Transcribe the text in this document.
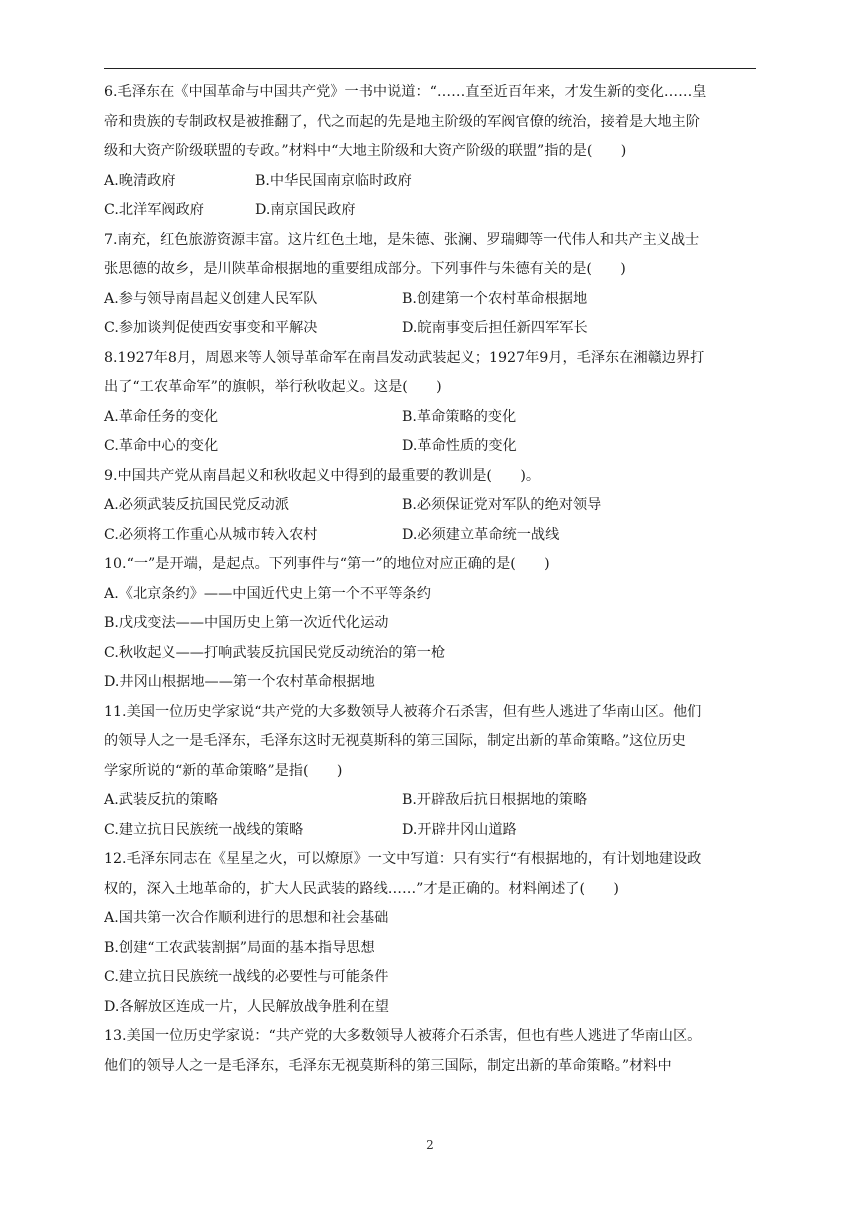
6.毛泽东在《中国革命与中国共产党》一书中说道：“……直至近百年来，才发生新的变化……皇
帝和贵族的专制政权是被推翻了，代之而起的先是地主阶级的军阀官僚的统治，接着是大地主阶
级和大资产阶级联盟的专政。”材料中“大地主阶级和大资产阶级的联盟”指的是(　　)
A.晚清政府	B.中华民国南京临时政府
C.北洋军阀政府	D.南京国民政府
7.南充，红色旅游资源丰富。这片红色土地，是朱德、张澜、罗瑞卿等一代伟人和共产主义战士
张思德的故乡，是川陕革命根据地的重要组成部分。下列事件与朱德有关的是(　　)
A.参与领导南昌起义创建人民军队	B.创建第一个农村革命根据地
C.参加谈判促使西安事变和平解决	D.皖南事变后担任新四军军长
8.1927年8月，周恩来等人领导革命军在南昌发动武装起义；1927年9月，毛泽东在湘赣边界打
出了“工农革命军”的旗帜，举行秋收起义。这是(　　)
A.革命任务的变化	B.革命策略的变化
C.革命中心的变化	D.革命性质的变化
9.中国共产党从南昌起义和秋收起义中得到的最重要的教训是(　　)。
A.必须武装反抗国民党反动派	B.必须保证党对军队的绝对领导
C.必须将工作重心从城市转入农村	D.必须建立革命统一战线
10.“一”是开端，是起点。下列事件与“第一”的地位对应正确的是(　　)
A.《北京条约》——中国近代史上第一个不平等条约
B.戊戌变法——中国历史上第一次近代化运动
C.秋收起义——打响武装反抗国民党反动统治的第一枪
D.井冈山根据地——第一个农村革命根据地
11.美国一位历史学家说“共产党的大多数领导人被蒋介石杀害，但有些人逃进了华南山区。他们
的领导人之一是毛泽东，毛泽东这时无视莫斯科的第三国际，制定出新的革命策略。”这位历史
学家所说的“新的革命策略”是指(　　)
A.武装反抗的策略	B.开辟敌后抗日根据地的策略
C.建立抗日民族统一战线的策略	D.开辟井冈山道路
12.毛泽东同志在《星星之火，可以燎原》一文中写道：只有实行“有根据地的，有计划地建设政
权的，深入土地革命的，扩大人民武装的路线……”才是正确的。材料阐述了(　　)
A.国共第一次合作顺利进行的思想和社会基础
B.创建“工农武装割据”局面的基本指导思想
C.建立抗日民族统一战线的必要性与可能条件
D.各解放区连成一片，人民解放战争胜利在望
13.美国一位历史学家说：“共产党的大多数领导人被蒋介石杀害，但也有些人逃进了华南山区。
他们的领导人之一是毛泽东，毛泽东无视莫斯科的第三国际，制定出新的革命策略。”材料中
2
